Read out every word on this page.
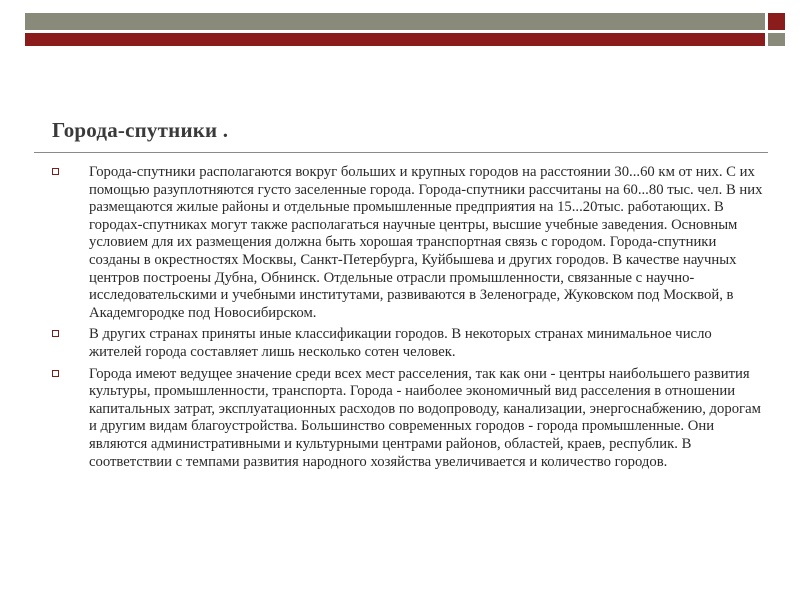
Города-спутники .
Города-спутники располагаются вокруг больших и крупных городов на расстоянии 30...60 км от них. С их помощью разуплотняются густо заселенные города. Города-спутники рассчитаны на 60...80 тыс. чел. В них размещаются жилые районы и отдельные промышленные предприятия на 15...20тыс. работающих. В городах-спутниках могут также располагаться научные центры, высшие учебные заведения. Основным условием для их размещения должна быть хорошая транспортная связь с городом. Города-спутники созданы в окрестностях Москвы, Санкт-Петербурга, Куйбышева и других городов. В качестве научных центров построены Дубна, Обнинск. Отдельные отрасли промышленности, связанные с научно-исследовательскими и учебными институтами, развиваются в Зеленограде, Жуковском под Москвой, в Академгородке под Новосибирском.
В других странах приняты иные классификации городов. В некоторых странах минимальное число жителей города составляет лишь несколько сотен человек.
Города имеют ведущее значение среди всех мест расселения, так как они - центры наибольшего развития культуры, промышленности, транспорта. Города - наиболее экономичный вид расселения в отношении капитальных затрат, эксплуатационных расходов по водопроводу, канализации, энергоснабжению, дорогам и другим видам благоустройства. Большинство современных городов - города промышленные. Они являются административными и культурными центрами районов, областей, краев, республик. В соответствии с темпами развития народного хозяйства увеличивается и количество городов.
